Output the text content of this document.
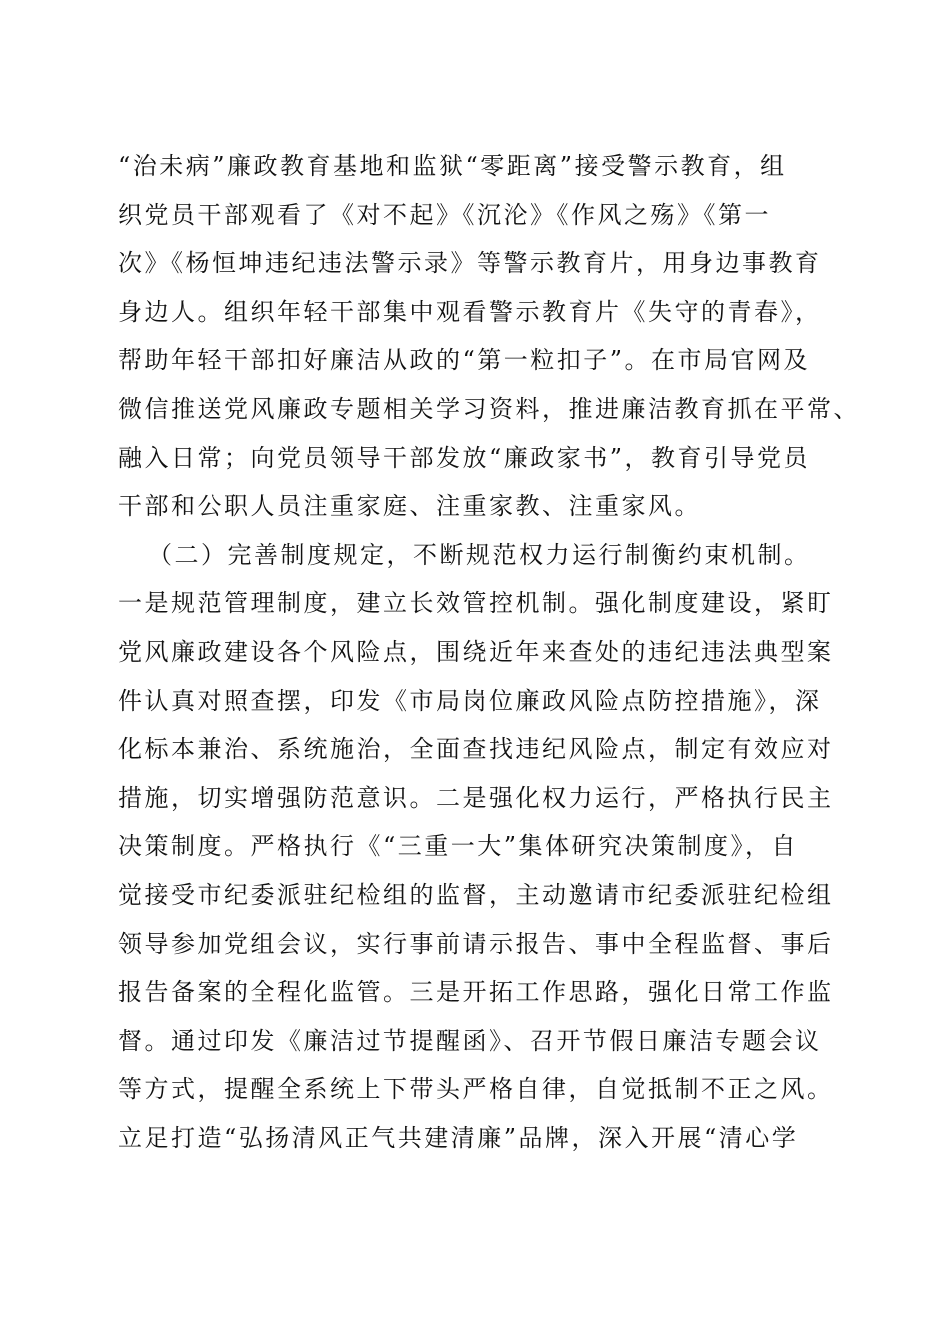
“治未病”廉政教育基地和监狱“零距离”接受警示教育，组
织党员干部观看了《对不起》《沉沦》《作风之殇》《第一
次》《杨恒坤违纪违法警示录》等警示教育片，用身边事教育
身边人。组织年轻干部集中观看警示教育片《失守的青春》，
帮助年轻干部扣好廉洁从政的“第一粒扣子”。在市局官网及
微信推送党风廉政专题相关学习资料，推进廉洁教育抓在平常、
融入日常；向党员领导干部发放“廉政家书”，教育引导党员
干部和公职人员注重家庭、注重家教、注重家风。
（二）完善制度规定，不断规范权力运行制衡约束机制。
一是规范管理制度，建立长效管控机制。强化制度建设，紧盯
党风廉政建设各个风险点，围绕近年来查处的违纪违法典型案
件认真对照查摆，印发《市局岗位廉政风险点防控措施》，深
化标本兼治、系统施治，全面查找违纪风险点，制定有效应对
措施，切实增强防范意识。二是强化权力运行，严格执行民主
决策制度。严格执行《“三重一大”集体研究决策制度》，自
觉接受市纪委派驻纪检组的监督，主动邀请市纪委派驻纪检组
领导参加党组会议，实行事前请示报告、事中全程监督、事后
报告备案的全程化监管。三是开拓工作思路，强化日常工作监
督。通过印发《廉洁过节提醒函》、召开节假日廉洁专题会议
等方式，提醒全系统上下带头严格自律，自觉抵制不正之风。
立足打造“弘扬清风正气共建清廉”品牌，深入开展“清心学
